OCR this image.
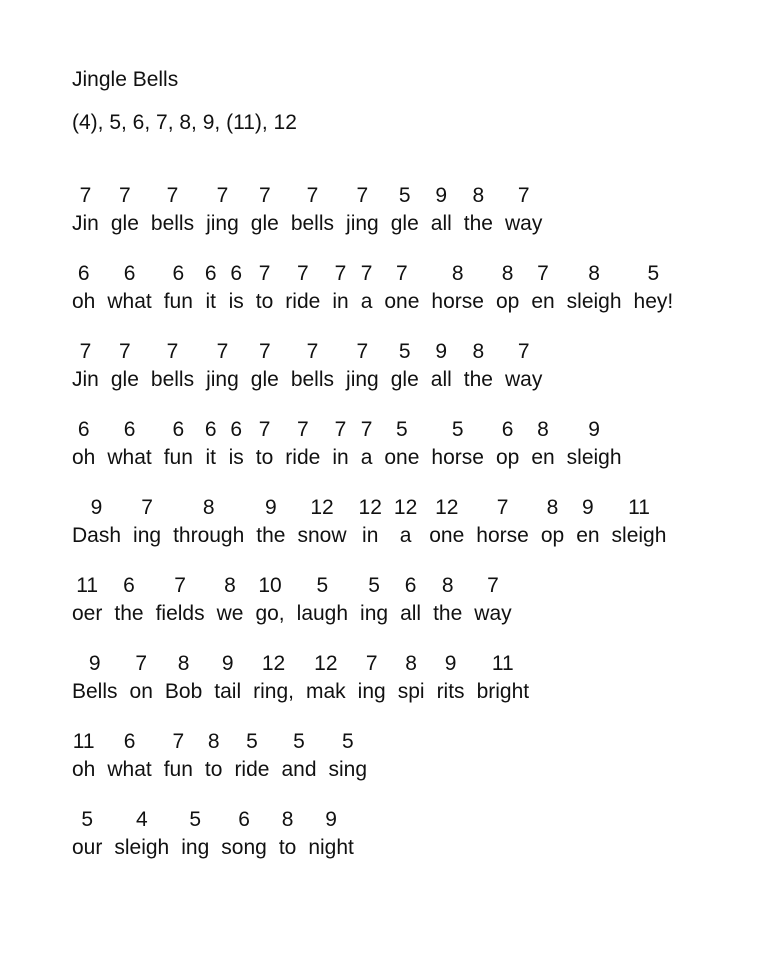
Jingle Bells

(4), 5, 6, 7, 8, 9, (11), 12

7
Jin
7
gle
7
bells
7
jing
7
gle
7
bells
7
jing
5
gle
9
all
8
the
7
way
6
oh
6
what
6
fun
6
it
6
is
7
to
7
ride
7
in
7
a
7
one
8
horse
8
op
7
en
8
sleigh
5
hey!
7
Jin
7
gle
7
bells
7
jing
7
gle
7
bells
7
jing
5
gle
9
all
8
the
7
way
6
oh
6
what
6
fun
6
it
6
is
7
to
7
ride
7
in
7
a
5
one
5
horse
6
op
8
en
9
sleigh
9
Dash
7
ing
8
through
9
the
12
snow
12
in
12
a
12
one
7
horse
8
op
9
en
11
sleigh
11
oer
6
the
7
fields
8
we
10
go,
5
laugh
5
ing
6
all
8
the
7
way
9
Bells
7
on
8
Bob
9
tail
12
ring,
12
mak
7
ing
8
spi
9
rits
11
bright
11
oh
6
what
7
fun
8
to
5
ride
5
and
5
sing
5
our
4
sleigh
5
ing
6
song
8
to
9
night
